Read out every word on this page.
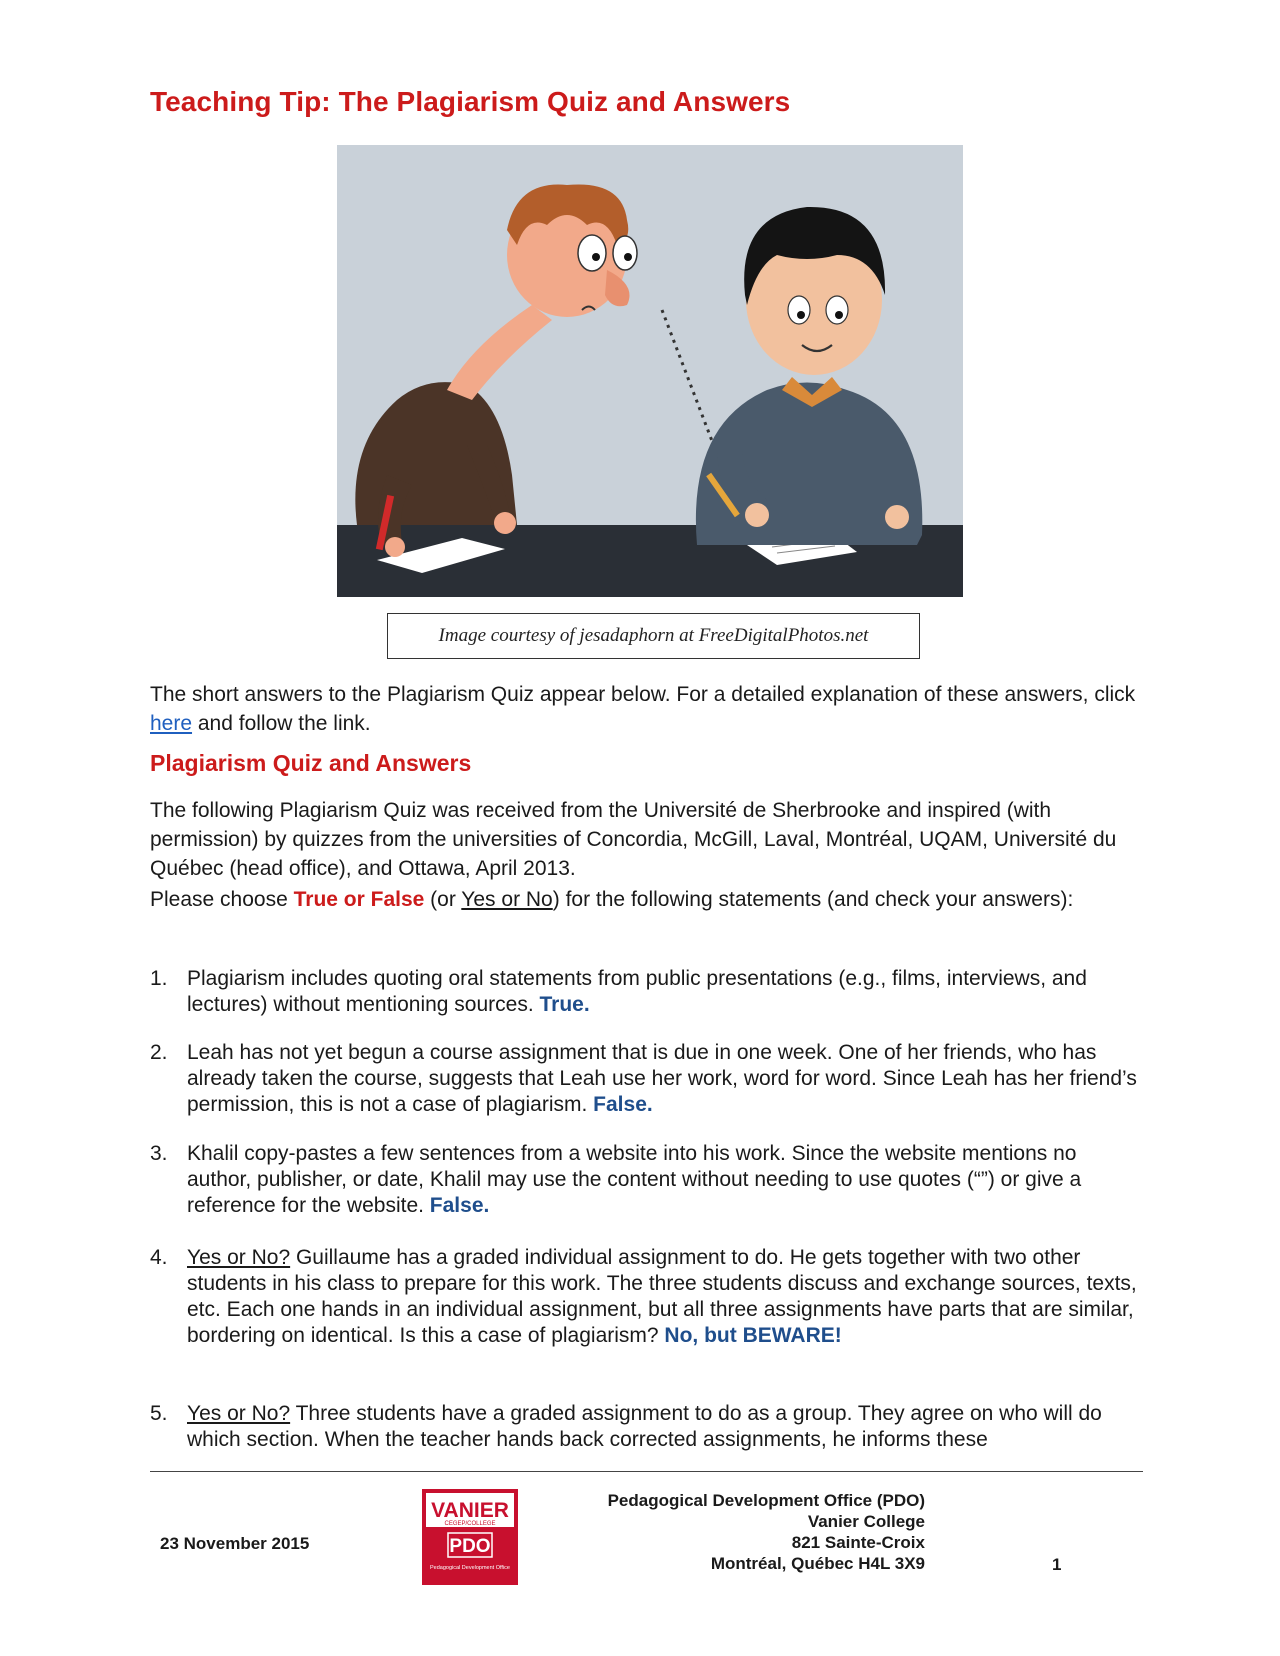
Teaching Tip: The Plagiarism Quiz and Answers
Image courtesy of jesadaphorn at FreeDigitalPhotos.net
The short answers to the Plagiarism Quiz appear below. For a detailed explanation of these answers, click here and follow the link.
Plagiarism Quiz and Answers
The following Plagiarism Quiz was received from the Université de Sherbrooke and inspired (with permission) by quizzes from the universities of Concordia, McGill, Laval, Montréal, UQAM, Université du Québec (head office), and Ottawa, April 2013.
Please choose True or False (or Yes or No) for the following statements (and check your answers):
1. Plagiarism includes quoting oral statements from public presentations (e.g., films, interviews, and lectures) without mentioning sources. True.
2. Leah has not yet begun a course assignment that is due in one week. One of her friends, who has already taken the course, suggests that Leah use her work, word for word. Since Leah has her friend’s permission, this is not a case of plagiarism. False.
3. Khalil copy-pastes a few sentences from a website into his work. Since the website mentions no author, publisher, or date, Khalil may use the content without needing to use quotes (“”) or give a reference for the website. False.
4. Yes or No? Guillaume has a graded individual assignment to do. He gets together with two other students in his class to prepare for this work. The three students discuss and exchange sources, texts, etc. Each one hands in an individual assignment, but all three assignments have parts that are similar, bordering on identical. Is this a case of plagiarism? No, but BEWARE!
5. Yes or No? Three students have a graded assignment to do as a group. They agree on who will do which section. When the teacher hands back corrected assignments, he informs these
23 November 2015
VANIER
CEGEP/COLLEGE
PDO
Pedagogical Development Office
Pedagogical Development Office (PDO)
Vanier College
821 Sainte-Croix
Montréal, Québec H4L 3X9	1
